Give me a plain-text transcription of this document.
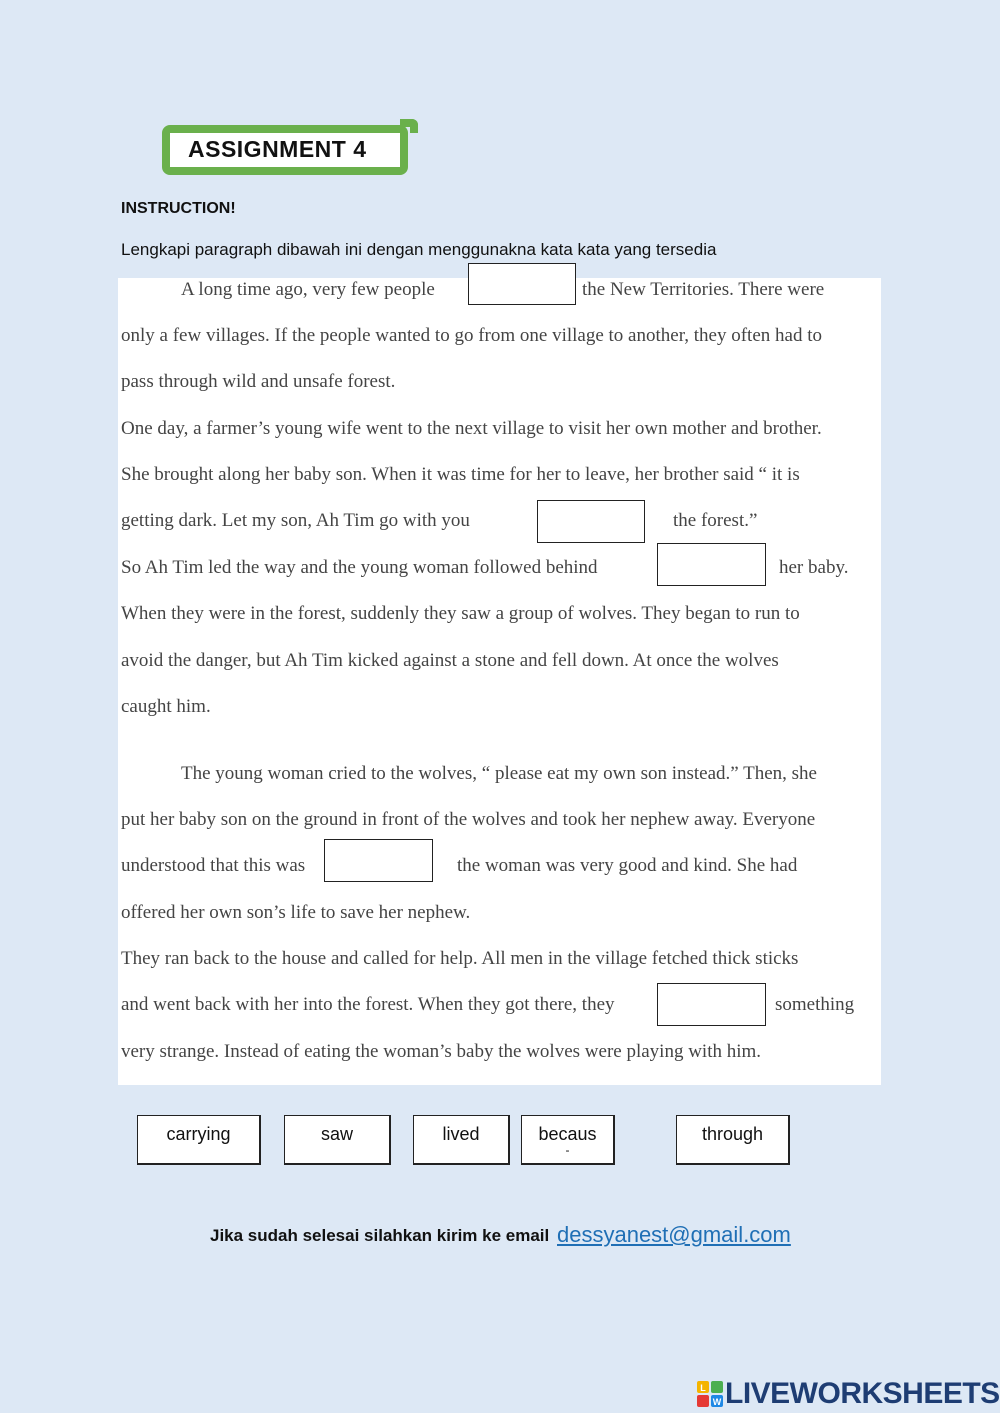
ASSIGNMENT 4
INSTRUCTION!
Lengkapi paragraph dibawah ini dengan menggunakna kata kata yang tersedia
A long time ago, very few people	the New Territories. There were
only a few villages. If the people wanted to go from one village to another, they often had to
pass through wild and unsafe forest.
One day, a farmer’s young wife went to the next village to visit her own mother and brother.
She brought along her baby son. When it was time for her to leave, her brother said “ it is
getting dark. Let my son, Ah Tim go with you	the forest.”
So Ah Tim led the way and the young woman followed behind	her baby.
When they were in the forest, suddenly they saw a group of wolves. They began to run to
avoid the danger, but Ah Tim kicked against a stone and fell down. At once the wolves
caught him.
The young woman cried to the wolves, “ please eat my own son instead.” Then, she
put her baby son on the ground in front of the wolves and took her nephew away. Everyone
understood that this was	the woman was very good and kind. She had
offered her own son’s life to save her nephew.
They ran back to the house and called for help. All men in the village fetched thick sticks
and went back with her into the forest. When they got there, they	something
very strange. Instead of eating the woman’s baby the wolves were playing with him.
carrying	saw	lived	becaus
-
through
Jika sudah selesai silahkan kirim ke email dessyanest@gmail.com
L
W LIVEWORKSHEETS
